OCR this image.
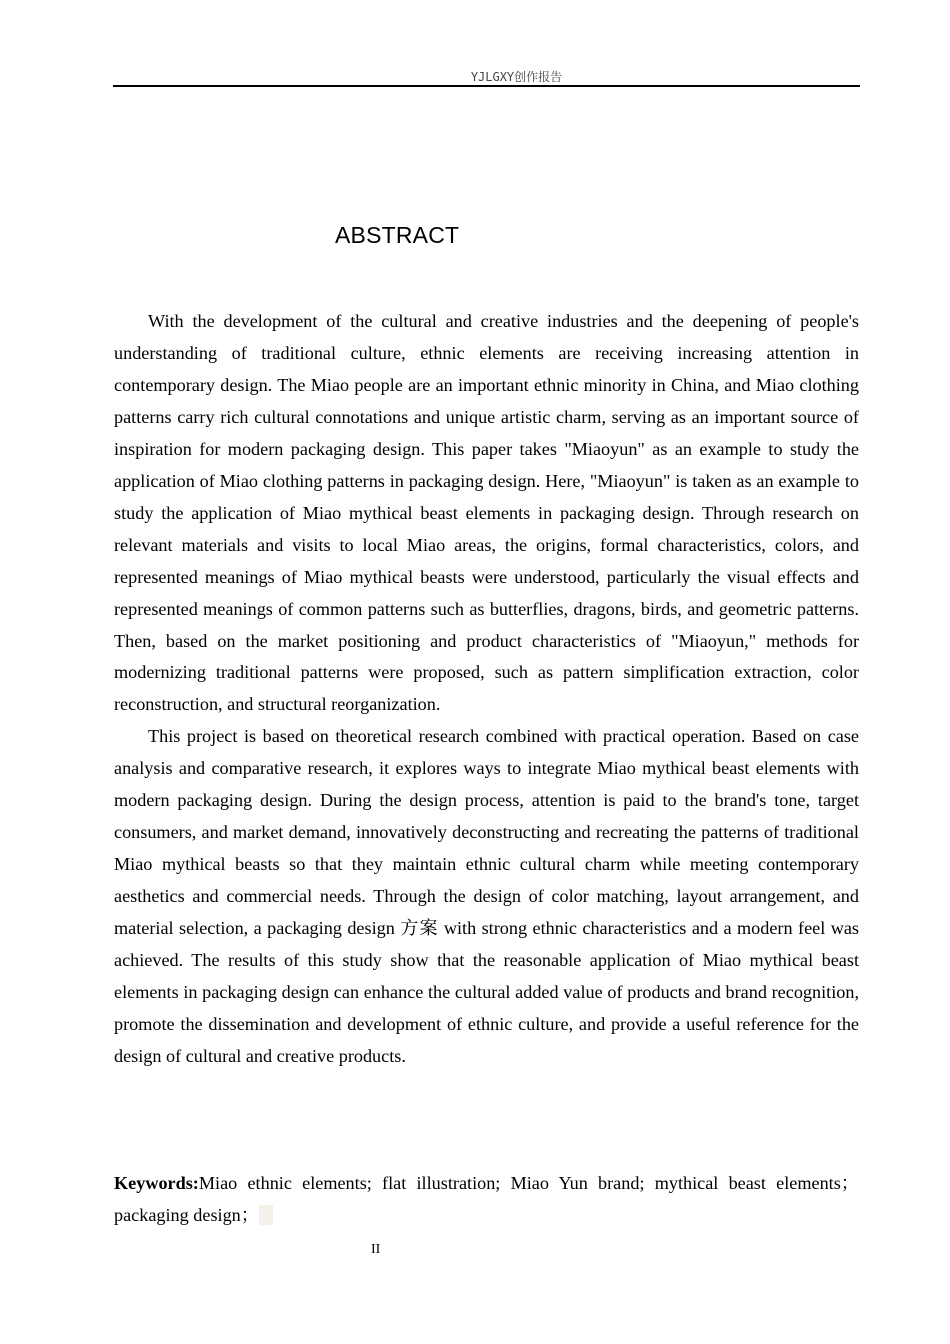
YJLGXY创作报告
ABSTRACT

With the development of the cultural and creative industries and the deepening of people's understanding of traditional culture, ethnic elements are receiving increasing attention in contemporary design. The Miao people are an important ethnic minority in China, and Miao clothing patterns carry rich cultural connotations and unique artistic charm, serving as an important source of inspiration for modern packaging design. This paper takes "Miaoyun" as an example to study the application of Miao clothing patterns in packaging design. Here, "Miaoyun" is taken as an example to study the application of Miao mythical beast elements in packaging design. Through research on relevant materials and visits to local Miao areas, the origins, formal characteristics, colors, and represented meanings of Miao mythical beasts were understood, particularly the visual effects and represented meanings of common patterns such as butterflies, dragons, birds, and geometric patterns. Then, based on the market positioning and product characteristics of "Miaoyun," methods for modernizing traditional patterns were proposed, such as pattern simplification extraction, color reconstruction, and structural reorganization.

This project is based on theoretical research combined with practical operation. Based on case analysis and comparative research, it explores ways to integrate Miao mythical beast elements with modern packaging design. During the design process, attention is paid to the brand's tone, target consumers, and market demand, innovatively deconstructing and recreating the patterns of traditional Miao mythical beasts so that they maintain ethnic cultural charm while meeting contemporary aesthetics and commercial needs. Through the design of color matching, layout arrangement, and material selection, a packaging design 方案 with strong ethnic characteristics and a modern feel was achieved. The results of this study show that the reasonable application of Miao mythical beast elements in packaging design can enhance the cultural added value of products and brand recognition, promote the dissemination and development of ethnic culture, and provide a useful reference for the design of cultural and creative products.

Keywords:Miao ethnic elements; flat illustration; Miao Yun brand; mythical beast elements；packaging design；

II
